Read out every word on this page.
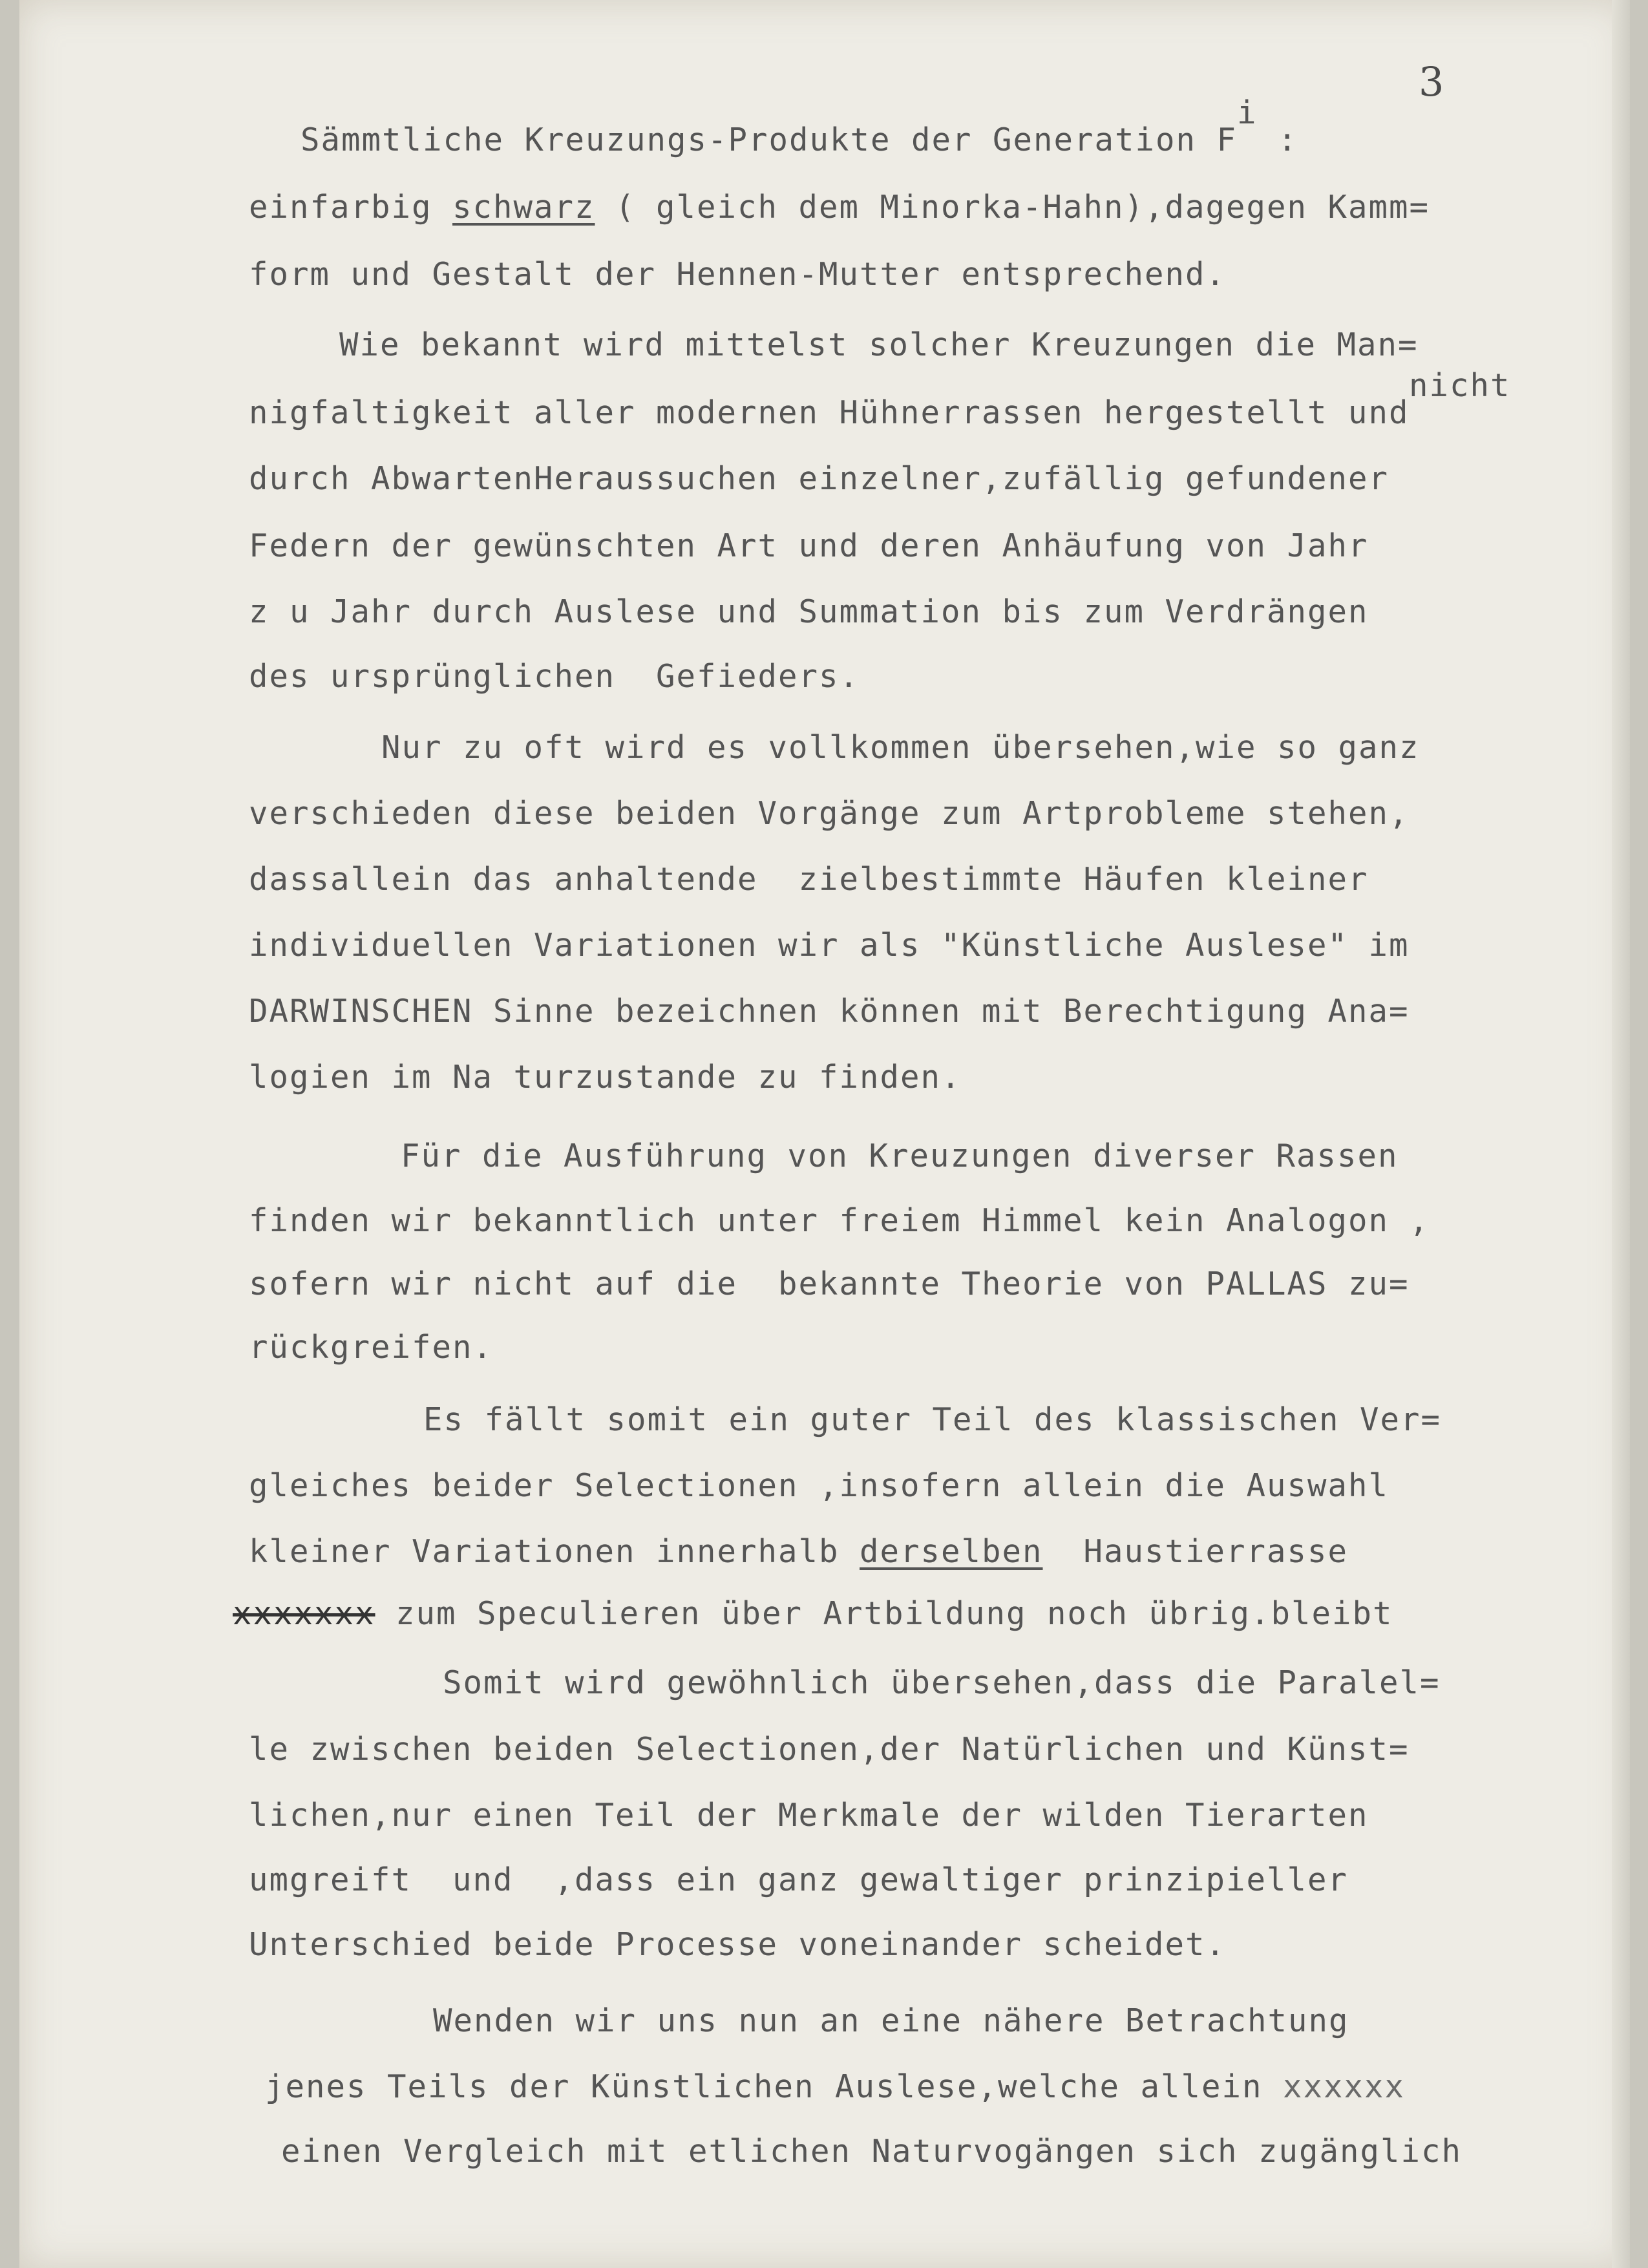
3
Sämmtliche Kreuzungs-Produkte der Generation Fi :
einfarbig schwarz ( gleich dem Minorka-Hahn),dagegen Kamm=
form und Gestalt der Hennen-Mutter entsprechend.
Wie bekannt wird mittelst solcher Kreuzungen die Man=
nicht
nigfaltigkeit aller modernen Hühnerrassen hergestellt und
durch AbwartenHeraussuchen einzelner,zufällig gefundener
Federn der gewünschten Art und deren Anhäufung von Jahr
z u Jahr durch Auslese und Summation bis zum Verdrängen
des ursprünglichen  Gefieders.
Nur zu oft wird es vollkommen übersehen,wie so ganz
verschieden diese beiden Vorgänge zum Artprobleme stehen,
dassallein das anhaltende  zielbestimmte Häufen kleiner
individuellen Variationen wir als "Künstliche Auslese" im
DARWINSCHEN Sinne bezeichnen können mit Berechtigung Ana=
logien im Na turzustande zu finden.
Für die Ausführung von Kreuzungen diverser Rassen
finden wir bekanntlich unter freiem Himmel kein Analogon ,
sofern wir nicht auf die  bekannte Theorie von PALLAS zu=
rückgreifen.
Es fällt somit ein guter Teil des klassischen Ver=
gleiches beider Selectionen ,insofern allein die Auswahl
kleiner Variationen innerhalb derselben  Haustierrasse
xxxxxxx zum Speculieren über Artbildung noch übrig.bleibt
Somit wird gewöhnlich übersehen,dass die Paralel=
le zwischen beiden Selectionen,der Natürlichen und Künst=
lichen,nur einen Teil der Merkmale der wilden Tierarten
umgreift  und  ,dass ein ganz gewaltiger prinzipieller
Unterschied beide Processe voneinander scheidet.
Wenden wir uns nun an eine nähere Betrachtung
jenes Teils der Künstlichen Auslese,welche allein xxxxxx
einen Vergleich mit etlichen Naturvogängen sich zugänglich
